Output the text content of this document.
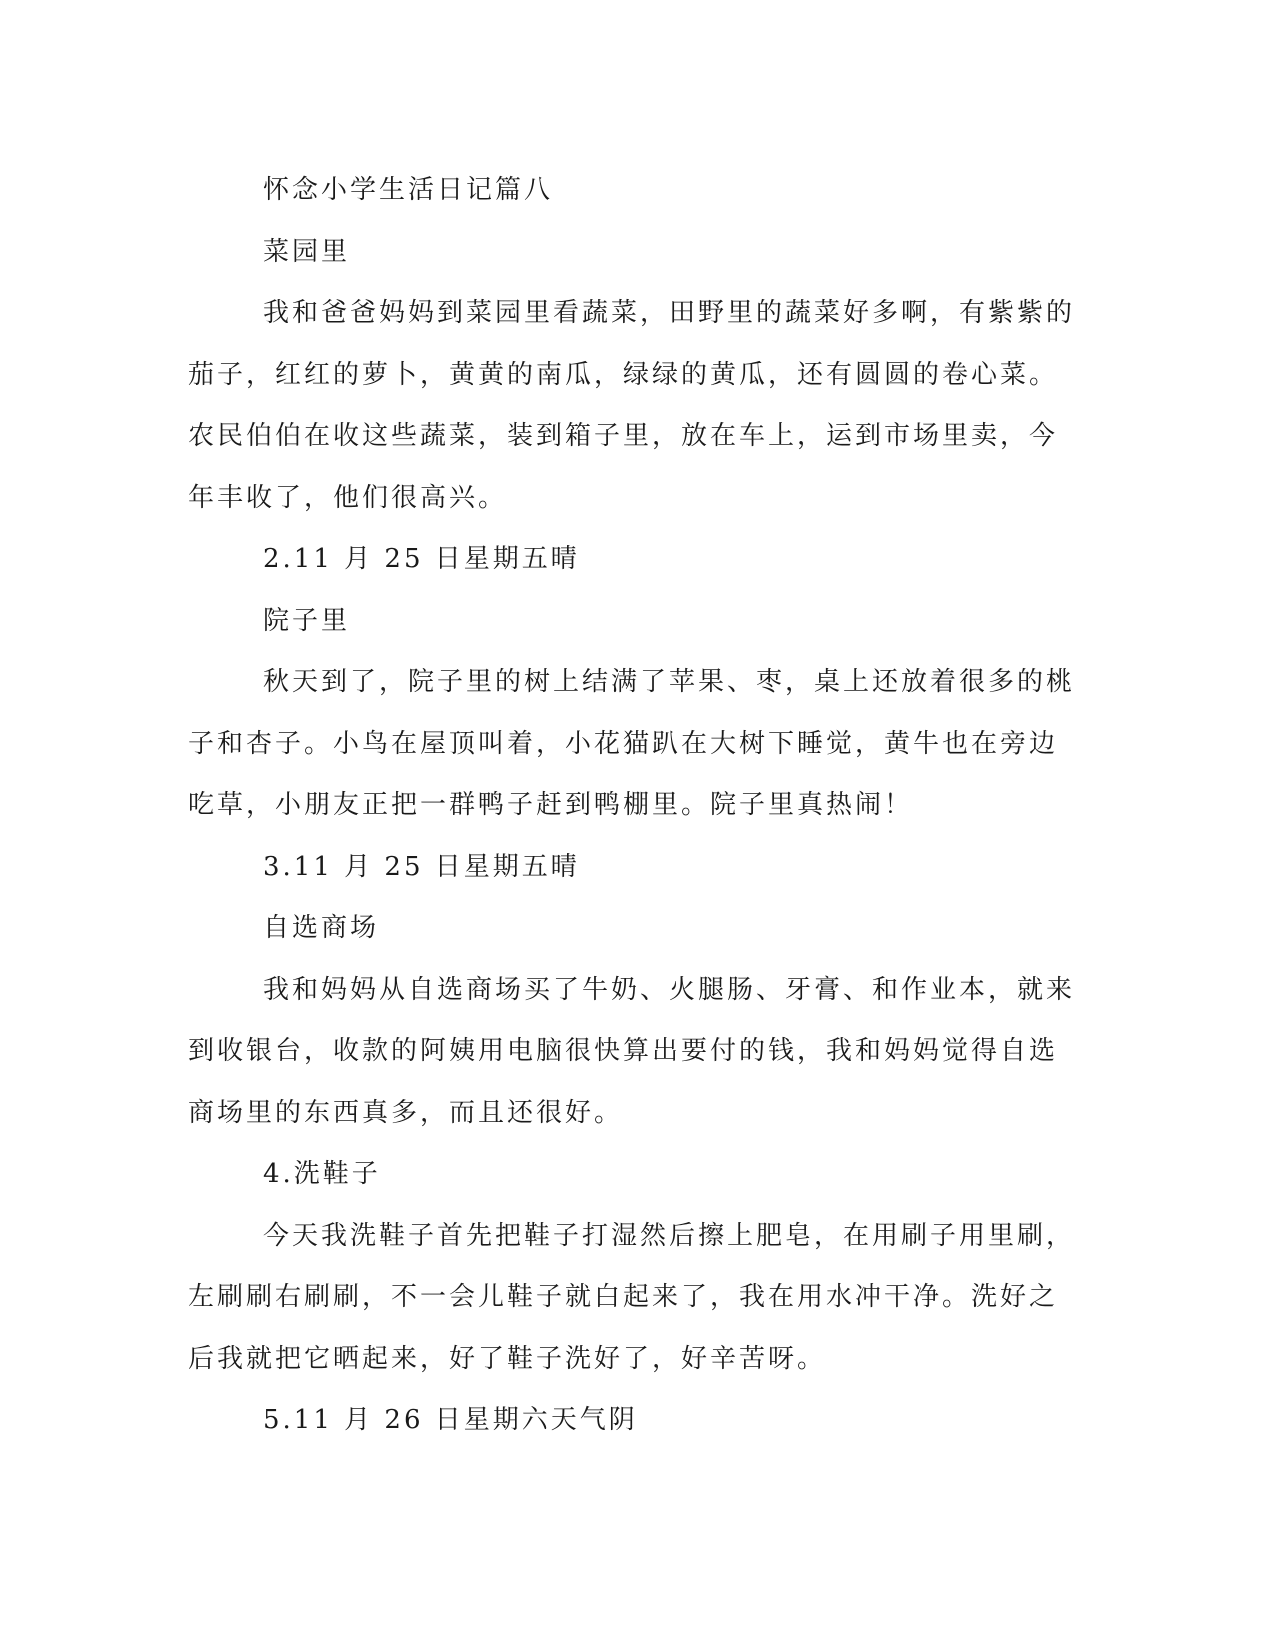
怀念小学生活日记篇八

菜园里

我和爸爸妈妈到菜园里看蔬菜，田野里的蔬菜好多啊，有紫紫的

茄子，红红的萝卜，黄黄的南瓜，绿绿的黄瓜，还有圆圆的卷心菜。

农民伯伯在收这些蔬菜，装到箱子里，放在车上，运到市场里卖，今

年丰收了，他们很高兴。

2.11 月 25 日星期五晴

院子里

秋天到了，院子里的树上结满了苹果、枣，桌上还放着很多的桃

子和杏子。小鸟在屋顶叫着，小花猫趴在大树下睡觉，黄牛也在旁边

吃草，小朋友正把一群鸭子赶到鸭棚里。院子里真热闹！

3.11 月 25 日星期五晴

自选商场

我和妈妈从自选商场买了牛奶、火腿肠、牙膏、和作业本，就来

到收银台，收款的阿姨用电脑很快算出要付的钱，我和妈妈觉得自选

商场里的东西真多，而且还很好。

4.洗鞋子

今天我洗鞋子首先把鞋子打湿然后擦上肥皂，在用刷子用里刷，

左刷刷右刷刷，不一会儿鞋子就白起来了，我在用水冲干净。洗好之

后我就把它晒起来，好了鞋子洗好了，好辛苦呀。

5.11 月 26 日星期六天气阴
